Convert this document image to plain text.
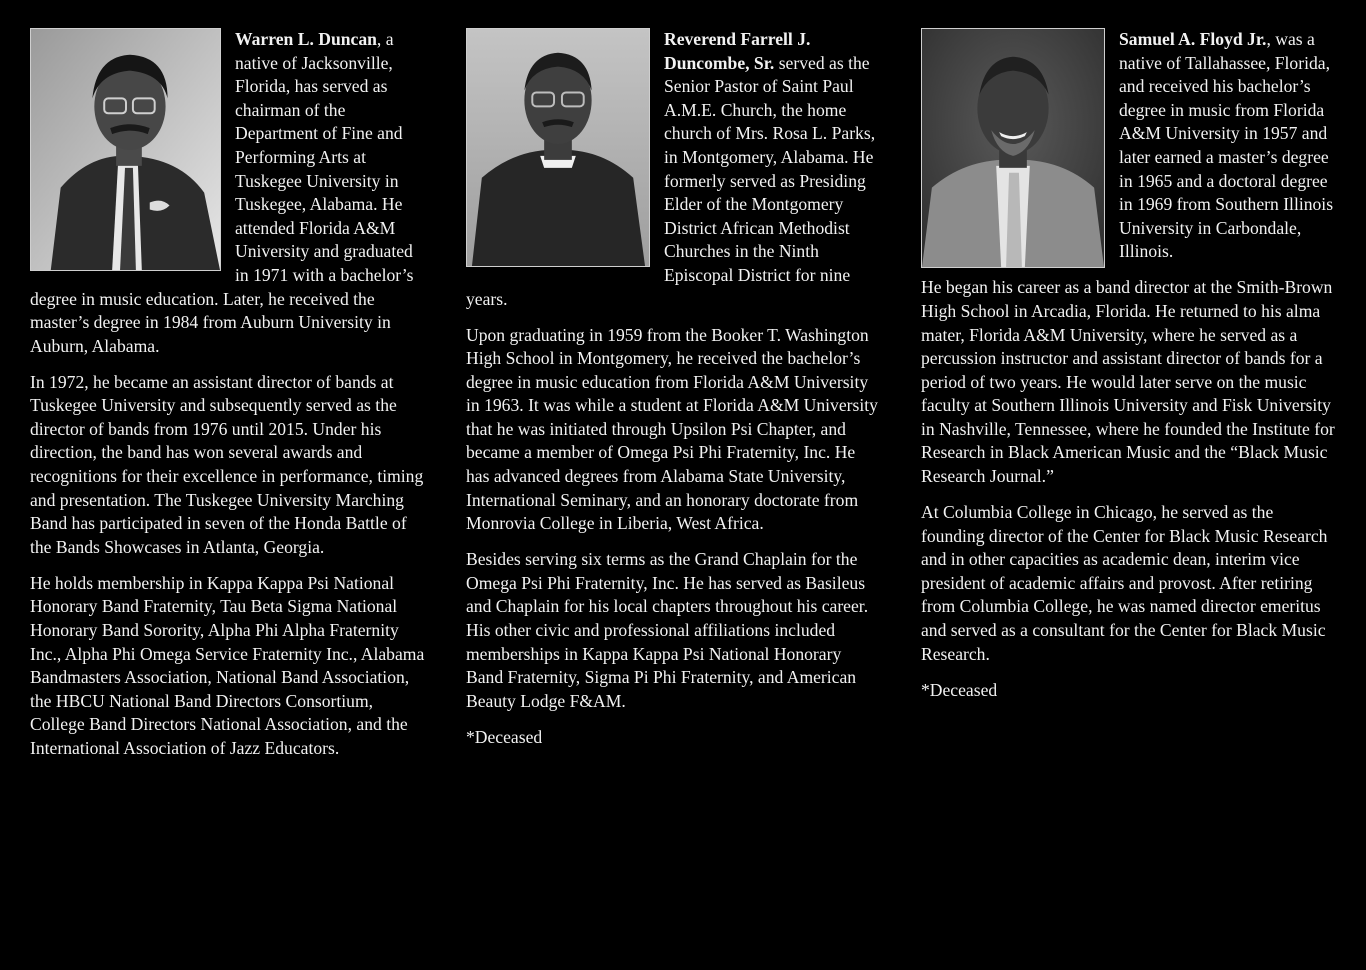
Warren L. Duncan, a native of Jacksonville, Florida, has served as chairman of the Department of Fine and Performing Arts at Tuskegee University in Tuskegee, Alabama. He attended Florida A&M University and graduated in 1971 with a bachelor’s degree in music education. Later, he received the master’s degree in 1984 from Auburn University in Auburn, Alabama.

In 1972, he became an assistant director of bands at Tuskegee University and subsequently served as the director of bands from 1976 until 2015. Under his direction, the band has won several awards and recognitions for their excellence in performance, timing and presentation. The Tuskegee University Marching Band has participated in seven of the Honda Battle of the Bands Showcases in Atlanta, Georgia.

He holds membership in Kappa Kappa Psi National Honorary Band Fraternity, Tau Beta Sigma National Honorary Band Sorority, Alpha Phi Alpha Fraternity Inc., Alpha Phi Omega Service Fraternity Inc., Alabama Bandmasters Association, National Band Association, the HBCU National Band Directors Consortium, College Band Directors National Association, and the International Association of Jazz Educators.

Reverend Farrell J. Duncombe, Sr. served as the Senior Pastor of Saint Paul A.M.E. Church, the home church of Mrs. Rosa L. Parks, in Montgomery, Alabama. He formerly served as Presiding Elder of the Montgomery District African Methodist Churches in the Ninth Episcopal District for nine years.

Upon graduating in 1959 from the Booker T. Washington High School in Montgomery, he received the bachelor’s degree in music education from Florida A&M University in 1963. It was while a student at Florida A&M University that he was initiated through Upsilon Psi Chapter, and became a member of Omega Psi Phi Fraternity, Inc. He has advanced degrees from Alabama State University, International Seminary, and an honorary doctorate from Monrovia College in Liberia, West Africa.

Besides serving six terms as the Grand Chaplain for the Omega Psi Phi Fraternity, Inc. He has served as Basileus and Chaplain for his local chapters throughout his career. His other civic and professional affiliations included memberships in Kappa Kappa Psi National Honorary Band Fraternity, Sigma Pi Phi Fraternity, and American Beauty Lodge F&AM.

*Deceased

Samuel A. Floyd Jr., was a native of Tallahassee, Florida, and received his bachelor’s degree in music from Florida A&M University in 1957 and later earned a master’s degree in 1965 and a doctoral degree in 1969 from Southern Illinois University in Carbondale, Illinois.

He began his career as a band director at the Smith-Brown High School in Arcadia, Florida. He returned to his alma mater, Florida A&M University, where he served as a percussion instructor and assistant director of bands for a period of two years. He would later serve on the music faculty at Southern Illinois University and Fisk University in Nashville, Tennessee, where he founded the Institute for Research in Black American Music and the “Black Music Research Journal.”

At Columbia College in Chicago, he served as the founding director of the Center for Black Music Research and in other capacities as academic dean, interim vice president of academic affairs and provost. After retiring from Columbia College, he was named director emeritus and served as a consultant for the Center for Black Music Research.

*Deceased
